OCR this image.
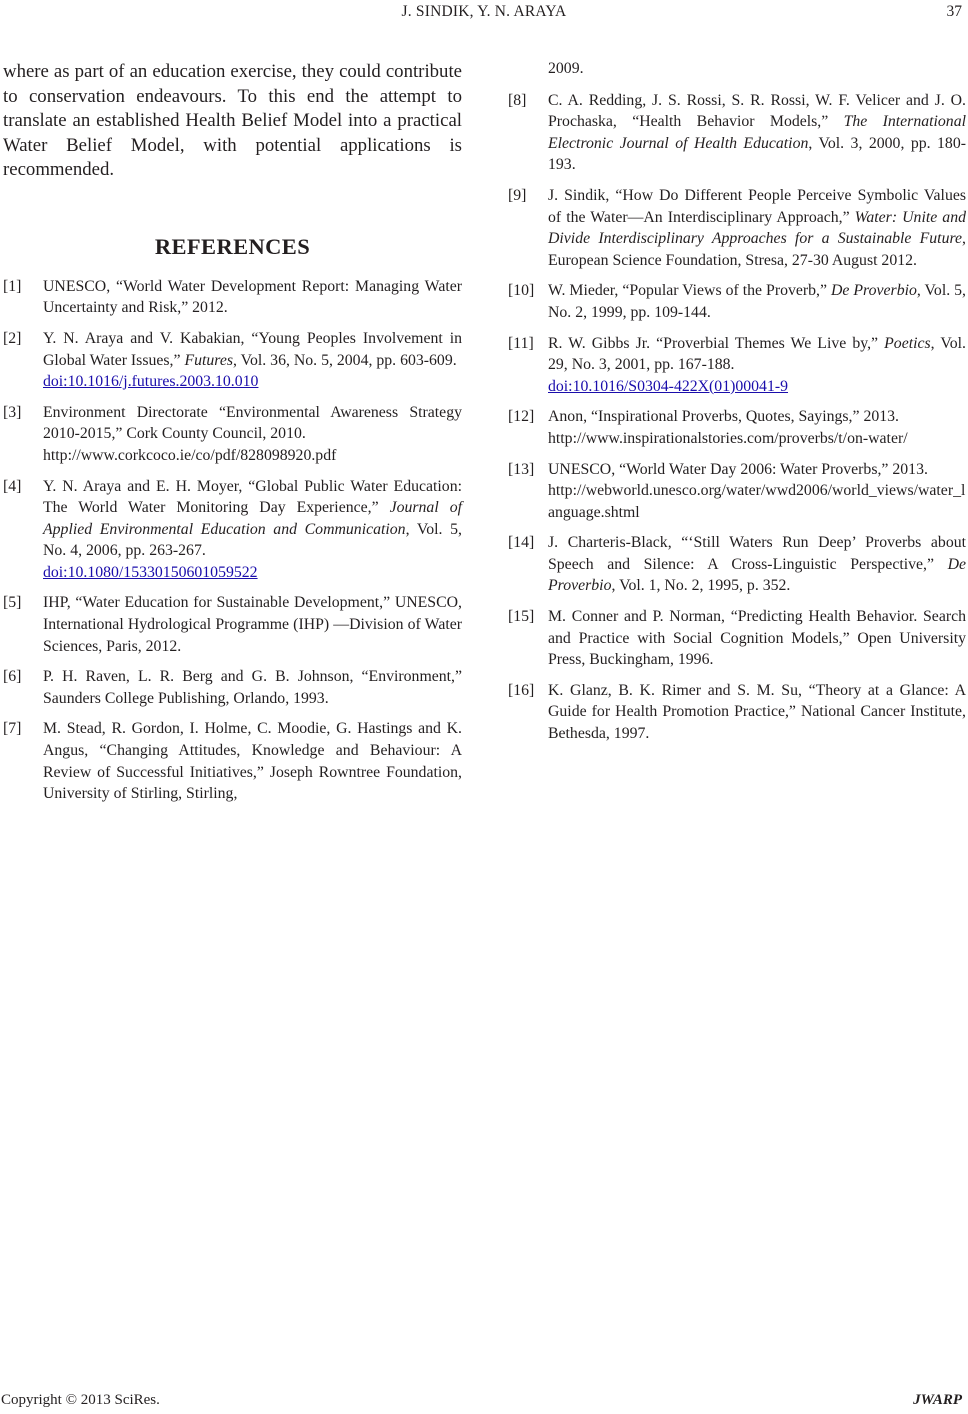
J. SINDIK, Y. N. ARAYA	37

where as part of an education exercise, they could contribute to conservation endeavours. To this end the attempt to translate an established Health Belief Model into a practical Water Belief Model, with potential applications is recommended.

REFERENCES
[1]	UNESCO, “World Water Development Report: Managing Water Uncertainty and Risk,” 2012.
[2]	Y. N. Araya and V. Kabakian, “Young Peoples Involvement in Global Water Issues,” Futures, Vol. 36, No. 5, 2004, pp. 603-609.
doi:10.1016/j.futures.2003.10.010
[3]	Environment Directorate “Environmental Awareness Strategy 2010-2015,” Cork County Council, 2010.
http://www.corkcoco.ie/co/pdf/828098920.pdf
[4]	Y. N. Araya and E. H. Moyer, “Global Public Water Education: The World Water Monitoring Day Experience,” Journal of Applied Environmental Education and Communication, Vol. 5, No. 4, 2006, pp. 263-267.
doi:10.1080/15330150601059522
[5]	IHP, “Water Education for Sustainable Development,” UNESCO, International Hydrological Programme (IHP) —Division of Water Sciences, Paris, 2012.
[6]	P. H. Raven, L. R. Berg and G. B. Johnson, “Environment,” Saunders College Publishing, Orlando, 1993.
[7]	M. Stead, R. Gordon, I. Holme, C. Moodie, G. Hastings and K. Angus, “Changing Attitudes, Knowledge and Behaviour: A Review of Successful Initiatives,” Joseph Rowntree Foundation, University of Stirling, Stirling,
2009.
[8]	C. A. Redding, J. S. Rossi, S. R. Rossi, W. F. Velicer and J. O. Prochaska, “Health Behavior Models,” The International Electronic Journal of Health Education, Vol. 3, 2000, pp. 180-193.
[9]	J. Sindik, “How Do Different People Perceive Symbolic Values of the Water—An Interdisciplinary Approach,” Water: Unite and Divide Interdisciplinary Approaches for a Sustainable Future, European Science Foundation, Stresa, 27-30 August 2012.
[10] W. Mieder, “Popular Views of the Proverb,” De Proverbio, Vol. 5, No. 2, 1999, pp. 109-144.
[11] R. W. Gibbs Jr. “Proverbial Themes We Live by,” Poetics, Vol. 29, No. 3, 2001, pp. 167-188.
doi:10.1016/S0304-422X(01)00041-9
[12] Anon, “Inspirational Proverbs, Quotes, Sayings,” 2013.
http://www.inspirationalstories.com/proverbs/t/on-water/
[13] UNESCO, “World Water Day 2006: Water Proverbs,” 2013.
http://webworld.unesco.org/water/wwd2006/world_views/water_language.shtml
[14] J. Charteris-Black, “‘Still Waters Run Deep’ Proverbs about Speech and Silence: A Cross-Linguistic Perspective,” De Proverbio, Vol. 1, No. 2, 1995, p. 352.
[15] M. Conner and P. Norman, “Predicting Health Behavior. Search and Practice with Social Cognition Models,” Open University Press, Buckingham, 1996.
[16] K. Glanz, B. K. Rimer and S. M. Su, “Theory at a Glance: A Guide for Health Promotion Practice,” National Cancer Institute, Bethesda, 1997.
Copyright © 2013 SciRes.	JWARP
